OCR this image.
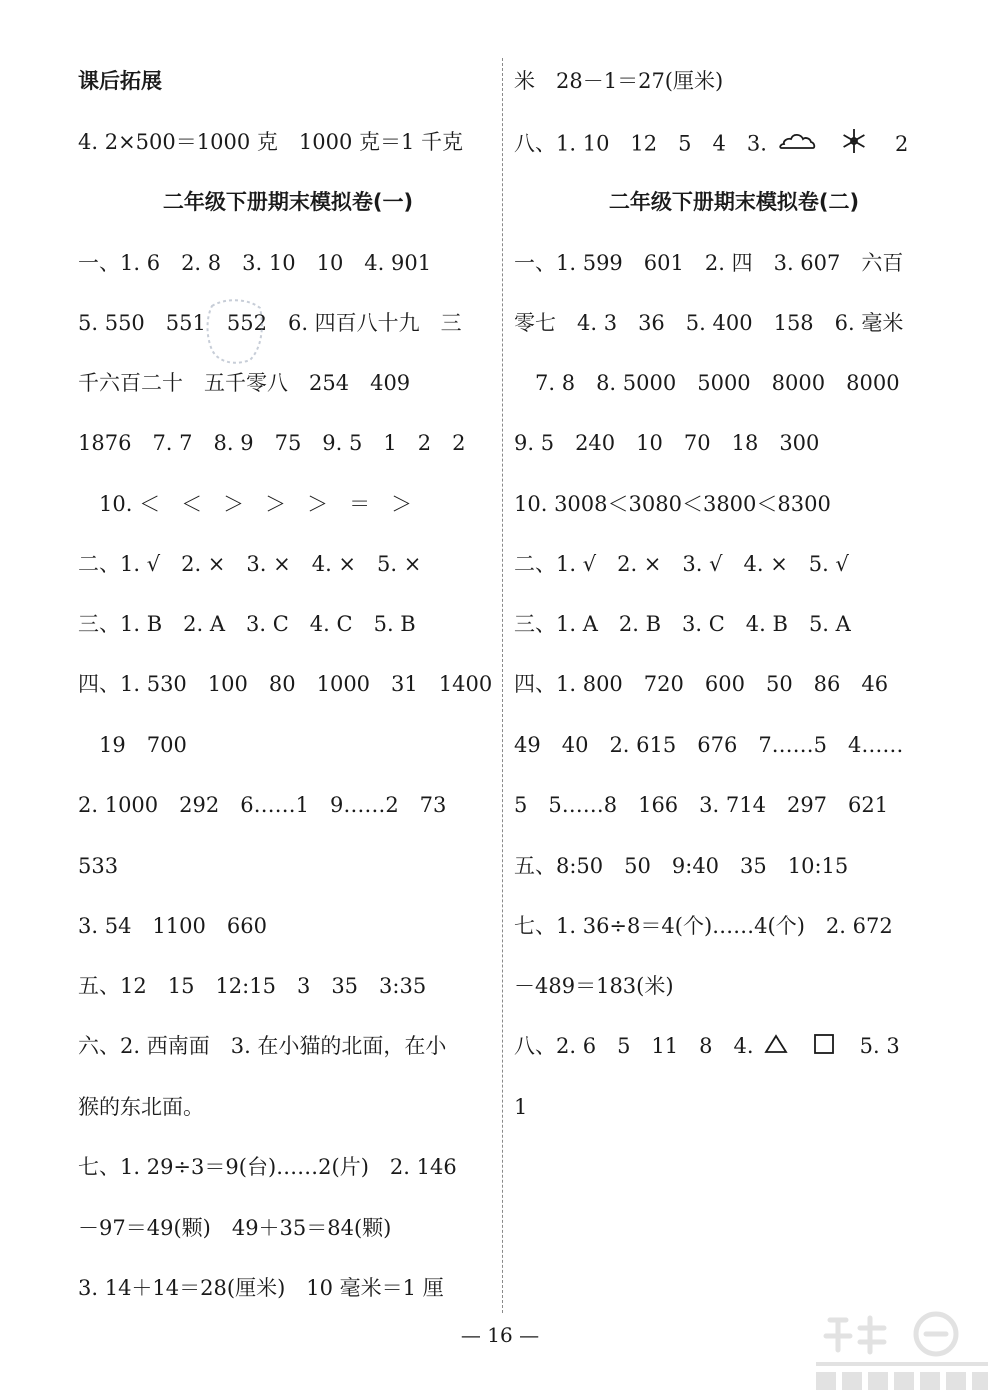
课后拓展
4. 2×500＝1000 克　1000 克＝1 千克
二年级下册期末模拟卷(一)
一、1. 6　2. 8　3. 10　10　4. 901
5. 550　551　552　6. 四百八十九　三
千六百二十　五千零八　254　409
1876　7. 7　8. 9　75　9. 5　1　2　2
　10. ＜　＜　＞　＞　＞　＝　＞
二、1. √　2. ×　3. ×　4. ×　5. ×
三、1. B　2. A　3. C　4. C　5. B
四、1. 530　100　80　1000　31　1400
　19　700
2. 1000　292　6……1　9……2　73
533
3. 54　1100　660
五、12　15　12:15　3　35　3:35
六、2. 西南面　3. 在小猫的北面，在小
猴的东北面。
七、1. 29÷3＝9(台)……2(片)　2. 146
－97＝49(颗)　49＋35＝84(颗)
3. 14＋14＝28(厘米)　10 毫米＝1 厘
米　28－1＝27(厘米)
八、1. 10　12　5　4　3.	2
二年级下册期末模拟卷(二)
一、1. 599　601　2. 四　3. 607　六百
零七　4. 3　36　5. 400　158　6. 毫米
　7. 8　8. 5000　5000　8000　8000
9. 5　240　10　70　18　300
10. 3008＜3080＜3800＜8300
二、1. √　2. ×　3. √　4. ×　5. √
三、1. A　2. B　3. C　4. B　5. A
四、1. 800　720　600　50　86　46
49　40　2. 615　676　7……5　4……
5　5……8　166　3. 714　297　621
五、8:50　50　9:40　35　10:15
七、1. 36÷8＝4(个)……4(个)　2. 672
－489＝183(米)
八、2. 6　5　11　8　4.	5. 3
1
— 16 —
